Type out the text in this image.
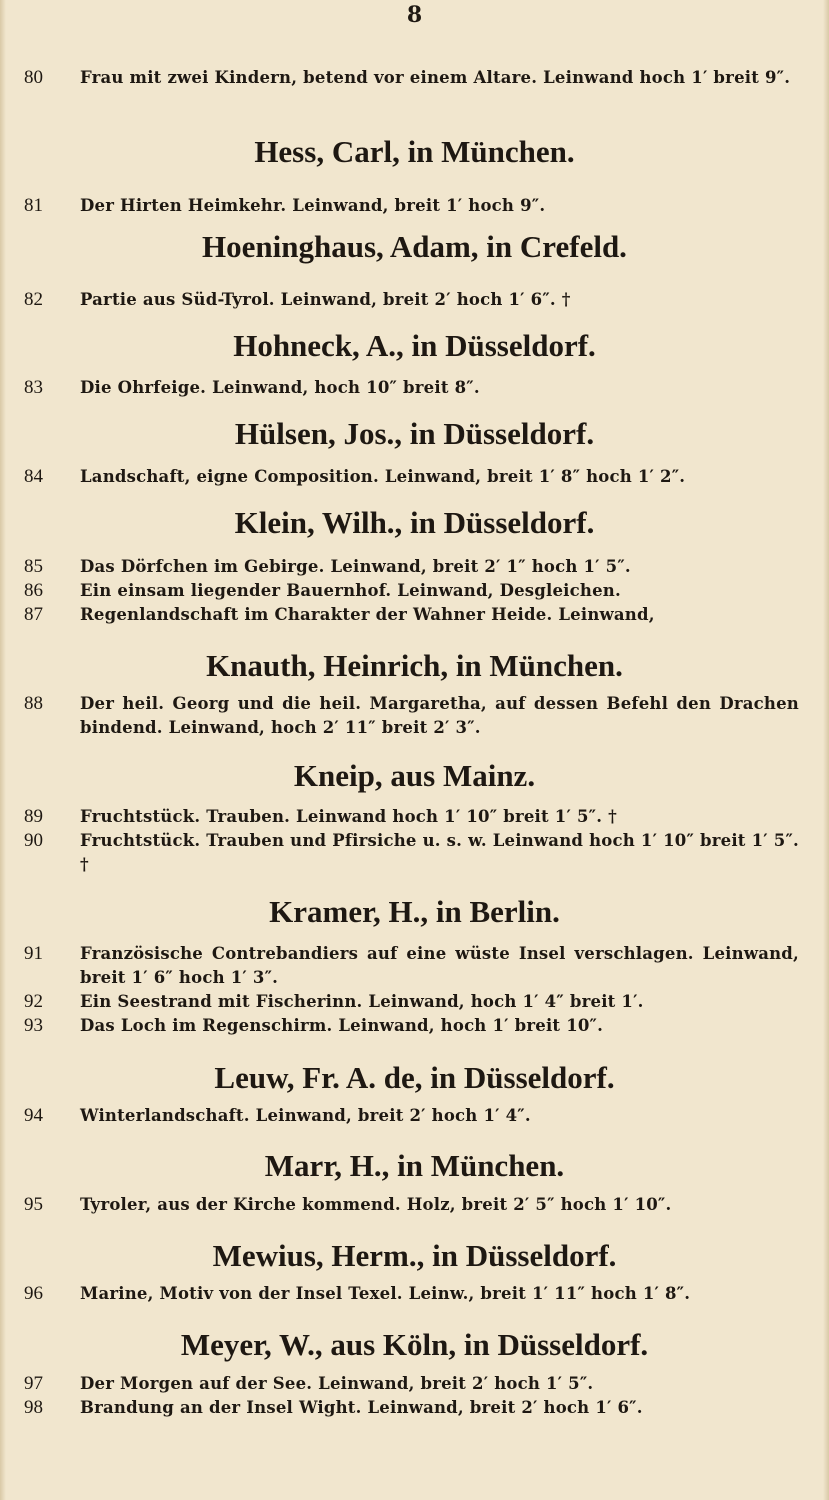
8
80	Frau mit zwei Kindern, betend vor einem Altare. Leinwand hoch 1′ breit 9″.
Hess, Carl, in München.
81	Der Hirten Heimkehr. Leinwand, breit 1′ hoch 9″.
Hoeninghaus, Adam, in Crefeld.
82	Partie aus Süd-Tyrol. Leinwand, breit 2′ hoch 1′ 6″. †
Hohneck, A., in Düsseldorf.
83	Die Ohrfeige. Leinwand, hoch 10″ breit 8″.
Hülsen, Jos., in Düsseldorf.
84	Landschaft, eigne Composition. Leinwand, breit 1′ 8″ hoch 1′ 2″.
Klein, Wilh., in Düsseldorf.
85	Das Dörfchen im Gebirge. Leinwand, breit 2′ 1″ hoch 1′ 5″.
86	Ein einsam liegender Bauernhof. Leinwand, Desgleichen.
87	Regenlandschaft im Charakter der Wahner Heide. Leinwand,
Knauth, Heinrich, in München.
88	Der heil. Georg und die heil. Margaretha, auf dessen Befehl den Drachen bindend. Leinwand, hoch 2′ 11″ breit 2′ 3″.
Kneip, aus Mainz.
89	Fruchtstück. Trauben. Leinwand hoch 1′ 10″ breit 1′ 5″. †
90	Fruchtstück. Trauben und Pfirsiche u. s. w. Leinwand hoch 1′ 10″ breit 1′ 5″. †
Kramer, H., in Berlin.
91	Französische Contrebandiers auf eine wüste Insel verschlagen. Leinwand, breit 1′ 6″ hoch 1′ 3″.
92	Ein Seestrand mit Fischerinn. Leinwand, hoch 1′ 4″ breit 1′.
93	Das Loch im Regenschirm. Leinwand, hoch 1′ breit 10″.
Leuw, Fr. A. de, in Düsseldorf.
94	Winterlandschaft. Leinwand, breit 2′ hoch 1′ 4″.
Marr, H., in München.
95	Tyroler, aus der Kirche kommend. Holz, breit 2′ 5″ hoch 1′ 10″.
Mewius, Herm., in Düsseldorf.
96	Marine, Motiv von der Insel Texel. Leinw., breit 1′ 11″ hoch 1′ 8″.
Meyer, W., aus Köln, in Düsseldorf.
97	Der Morgen auf der See. Leinwand, breit 2′ hoch 1′ 5″.
98	Brandung an der Insel Wight. Leinwand, breit 2′ hoch 1′ 6″.
